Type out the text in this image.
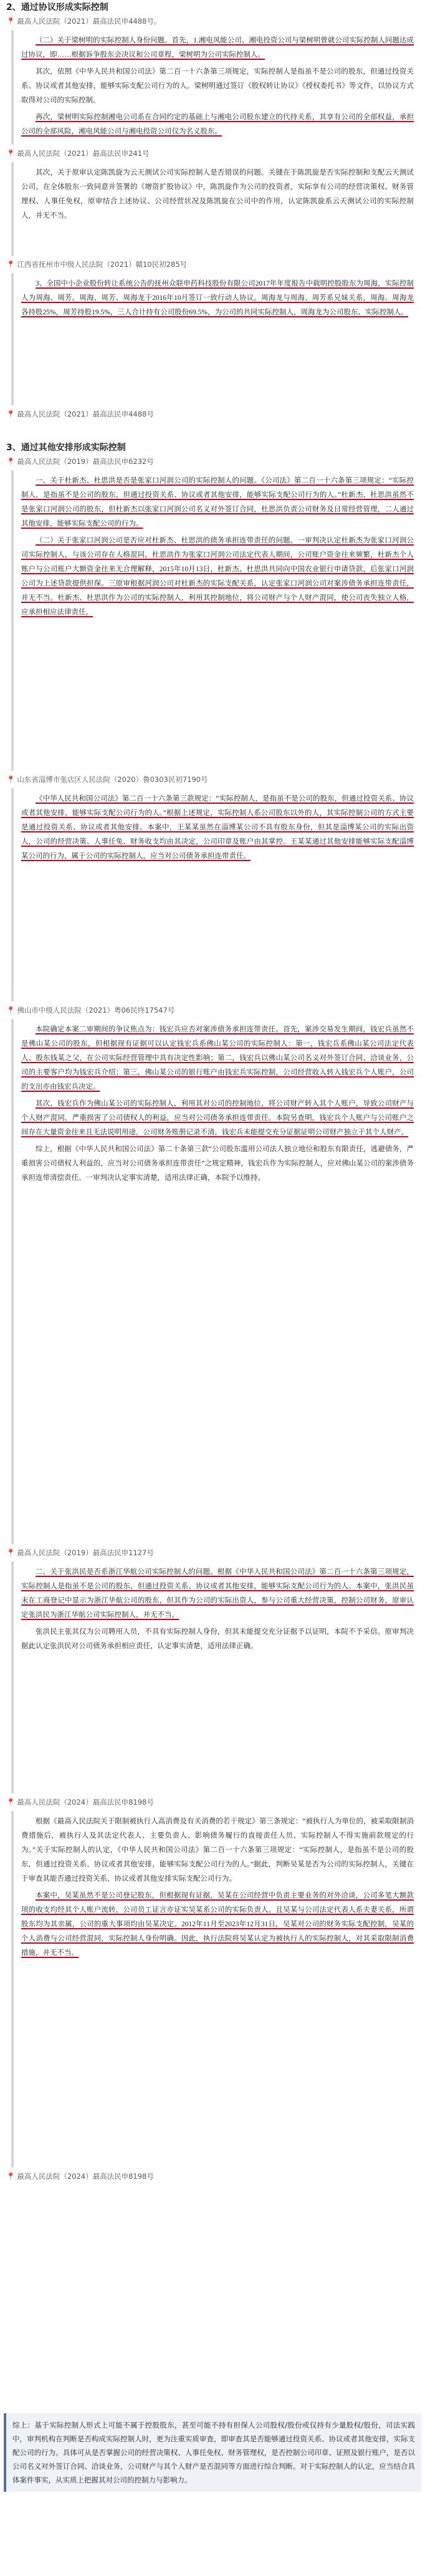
2、通过协议形成实际控制

📍 最高人民法院（2021）最高法民申4488号。

（二）关于梁树明的实际控制人身份问题。首先，1.湘电风能公司、湘电投资公司与梁树明曾就公司实际控制人问题达成过协议，即……根据诉争股东会决议和公司章程，梁树明为公司实际控制人。

其次，依照《中华人民共和国公司法》第二百一十六条第三项规定，实际控制人是指虽不是公司的股东，但通过投资关系、协议或者其他安排，能够实际支配公司行为的人。梁树明通过签订《股权转让协议》《授权委托书》等文件，以协议方式取得对公司的实际控制。

再次，梁树明实际控制湘电公司系在合同约定的基础上与湘电公司股东建立的代持关系，其享有公司的全部权益，承担公司的全部风险，湘电风能公司与湘电投资公司仅为名义股东。

📍 最高人民法院（2021）最高法民申241号

其次，关于原审认定陈凯旋为云天测试公司实际控制人是否错误的问题。关键在于陈凯旋是否实际控制和支配云天测试公司。在全体股东一致同意并签署的《增资扩股协议》中，陈凯旋作为公司的投资者，实际享有公司的经营决策权、财务管理权、人事任免权，原审结合上述协议、公司经营状况及陈凯旋在公司中的作用，认定陈凯旋系云天测试公司的实际控制人，并无不当。

📍 江西省抚州市中级人民法院（2021）赣10民初285号

3、全国中小企业股份转让系统公告的抚州众联申药科技股份有限公司2017年年度报告中载明控股股东为周海，实际控制人为周海、周芳。周海、周芳、周海龙于2016年10月签订一致行动人协议。周海龙与周海、周芳系兄妹关系，周海、周海龙各持股25%，周芳持股19.5%，三人合计持有公司股份69.5%，为公司的共同实际控制人，周海龙为公司股东、实际控制人。

📍 最高人民法院（2021）最高法民申4488号

3、通过其他安排形成实际控制

📍 最高人民法院（2019）最高法民申6232号

一、关于杜新杰、杜思洪是否是张家口河润公司的实际控制人的问题。《公司法》第二百一十六条第三项规定：“实际控制人，是指虽不是公司的股东，但通过投资关系、协议或者其他安排，能够实际支配公司行为的人。”杜新杰、杜思洪虽然不是张家口河润公司的股东，但杜新杰以张家口河润公司名义对外签订合同，杜思洪负责公司财务及日常经营管理，二人通过其他安排，能够实际支配公司的行为。

（二）关于张家口河润公司是否应对杜新杰、杜思洪的债务承担连带责任的问题。一审判决认定杜新杰为张家口河润公司实际控制人，与该公司存在人格混同。杜思洪作为张家口河润公司法定代表人期间，公司账户资金往来频繁，杜新杰个人账户与公司账户大额资金往来无合理解释，2015年10月13日，杜新杰、杜思洪共同向中国农业银行申请贷款，后张家口河润公司为上述贷款提供担保。三原审根据河润公司对杜新杰的实际支配关系，认定张家口河润公司对案涉债务承担连带责任，并无不当。杜新杰、杜思洪作为公司的实际控制人，利用其控制地位，将公司财产与个人财产混同，使公司丧失独立人格，应承担相应法律责任。

📍 山东省淄博市张店区人民法院（2020）鲁0303民初7190号

《中华人民共和国公司法》第二百一十六条第三款规定：“实际控制人，是指虽不是公司的股东，但通过投资关系、协议或者其他安排，能够实际支配公司行为的人。”根据上述规定，实际控制人系公司股东以外的人，其实际控制公司的方式主要是通过投资关系、协议或者其他安排。本案中，王某某虽然在淄博某公司不具有股东身份，但其是淄博某公司的实际出资人，公司的经营决策、人事任免、财务收支均由其决定，公司印章及账户由其掌控。王某某通过其他安排能够实际支配淄博某公司的行为，属于公司的实际控制人，应当对公司债务承担连带责任。

📍 佛山市中级人民法院（2021）粤06民终17547号

本院确定本案二审期间的争议焦点为：钱宏兵应否对案涉债务承担连带责任。首先，案涉交易发生期间，钱宏兵虽然不是佛山某公司的股东，但根据现有证据可以认定钱宏兵系佛山某公司的实际控制人：第一，钱宏兵系佛山某公司法定代表人、股东钱某之父，在公司实际经营管理中具有决定性影响；第二，钱宏兵以佛山某公司名义对外签订合同、洽谈业务，公司的主要客户均为钱宏兵介绍；第三，佛山某公司的银行账户由钱宏兵实际控制，公司经营收入转入钱宏兵个人账户，公司的支出亦由钱宏兵决定。

其次，钱宏兵作为佛山某公司的实际控制人，利用其对公司的控制地位，将公司财产转入其个人账户，导致公司财产与个人财产混同，严重损害了公司债权人的利益，应当对公司债务承担连带责任。本院另查明，钱宏兵个人账户与公司账户之间存在大量资金往来且无法说明用途，公司财务账册记录不清，钱宏兵未能提交充分证据证明公司财产独立于其个人财产。

综上，根据《中华人民共和国公司法》第二十条第三款“公司股东滥用公司法人独立地位和股东有限责任，逃避债务，严重损害公司债权人利益的，应当对公司债务承担连带责任”之规定精神，钱宏兵作为实际控制人，应对佛山某公司的案涉债务承担连带清偿责任。一审判决认定事实清楚，适用法律正确，本院予以维持。

📍 最高人民法院（2019）最高法民申1127号

二、关于张洪民是否系浙江华航公司实际控制人的问题。根据《中华人民共和国公司法》第二百一十六条第三项规定，实际控制人是指虽不是公司的股东，但通过投资关系、协议或者其他安排，能够实际支配公司行为的人。本案中，张洪民虽未在工商登记中显示为浙江华航公司的股东，但其作为公司的实际出资人，参与公司重大经营决策，控制公司财务，原审认定张洪民为浙江华航公司实际控制人，并无不当。

张洪民主张其仅为公司聘用人员，不具有实际控制人身份，但其未能提交充分证据予以证明，本院不予采信。原审判决据此认定张洪民对公司债务承担相应责任，认定事实清楚，适用法律正确。

📍 最高人民法院（2024）最高法民申8198号

根据《最高人民法院关于限制被执行人高消费及有关消费的若干规定》第三条规定：“被执行人为单位的，被采取限制消费措施后，被执行人及其法定代表人、主要负责人、影响债务履行的直接责任人员、实际控制人不得实施前款规定的行为。”关于实际控制人的认定，《中华人民共和国公司法》第二百一十六条第三项规定：“实际控制人，是指虽不是公司的股东，但通过投资关系、协议或者其他安排，能够实际支配公司行为的人。”据此，判断吴某是否为公司的实际控制人，关键在于审查其能否通过投资关系、协议或者其他安排实际支配公司行为。

本案中，吴某虽然不是公司登记股东，但根据现有证据，吴某在公司经营中负责主要业务的对外洽谈，公司多笔大额款项的收支均经其个人账户流转，公司员工证言亦证实吴某系公司的实际负责人。且吴某与公司法定代表人系夫妻关系，所谓股东均为其亲属，公司的重大事项均由吴某决定。2012年11月至2023年12月31日，吴某对公司的财务实际支配控制，吴某的个人消费与公司经营混同，实际控制人身份明确。因此，执行法院将吴某认定为被执行人的实际控制人，对其采取限制消费措施，并无不当。

📍 最高人民法院（2024）最高法民申8198号

综上：基于实际控制人形式上可能不属于控股股东，甚至可能不持有担保人公司股权/股份或仅持有少量股权/股份，司法实践中，审判机构在判断是否构成实际控制人时，更为注重实质审查，即审查其是否能够通过投资关系、协议或者其他安排，实际支配公司的行为。具体可从是否掌握公司的经营决策权、人事任免权、财务管理权，是否控制公司印章、证照及银行账户，是否以公司名义对外签订合同、洽谈业务，公司财产与其个人财产是否混同等方面进行综合判断。对于实际控制人的认定，应当结合具体案件事实，从实质上把握其对公司的控制力与影响力。
